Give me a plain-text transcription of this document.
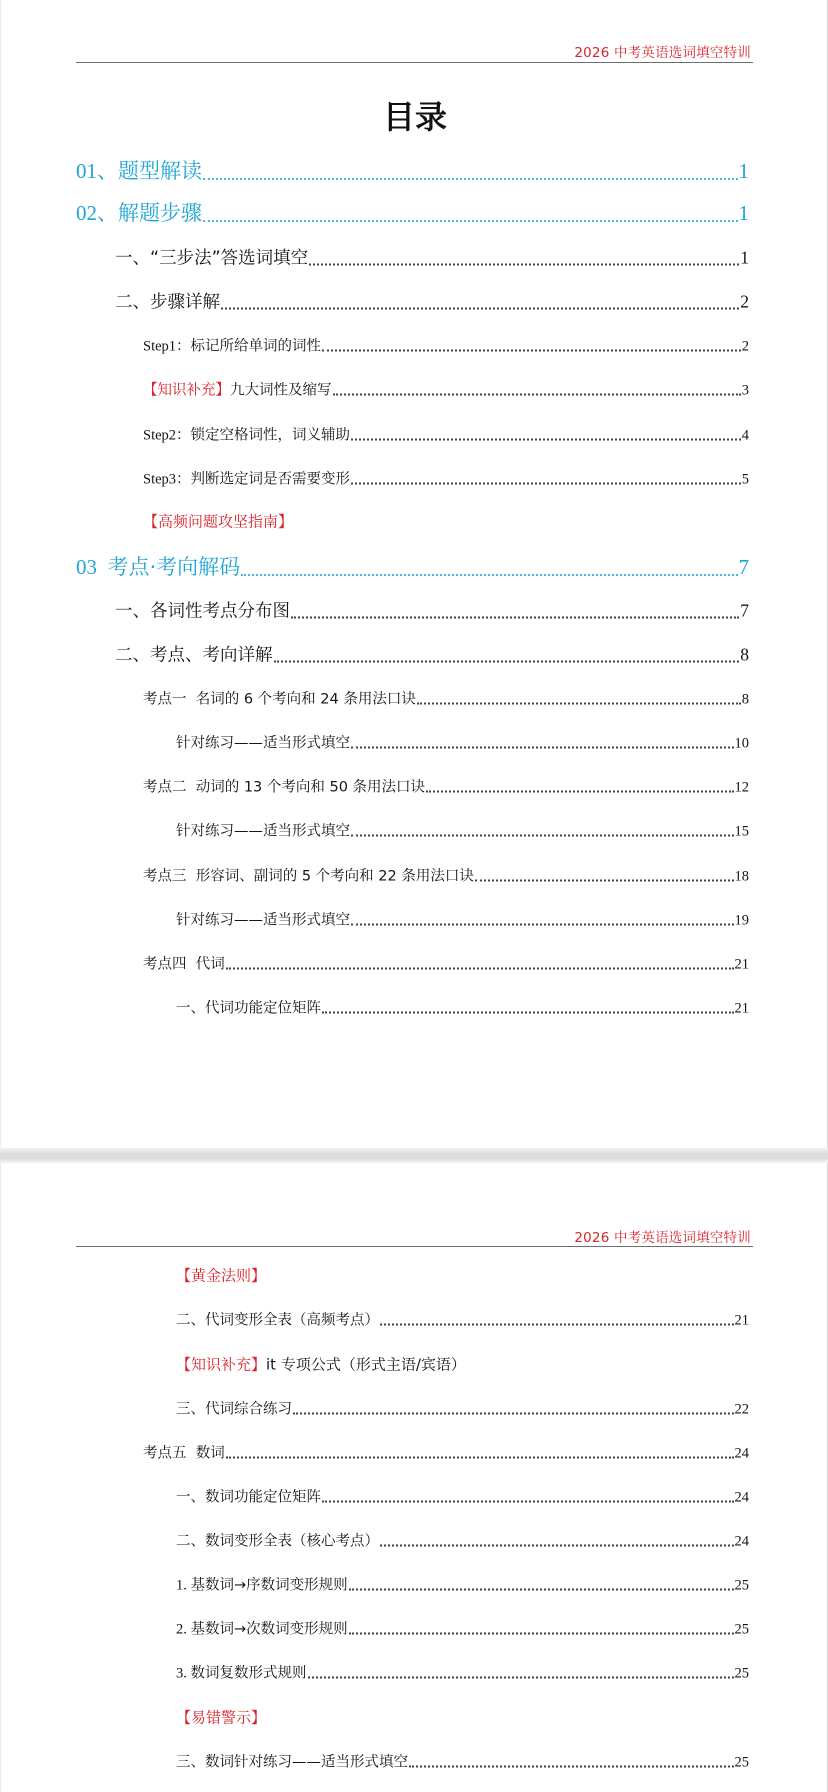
2026 中考英语选词填空特训
目录
01、题型解读	1
02、解题步骤	1
一、“三步法”答选词填空	1
二、步骤详解	2
Step1：标记所给单词的词性	2
【知识补充】九大词性及缩写	3
Step2：锁定空格词性，词义辅助	4
Step3：判断选定词是否需要变形	5
【高频问题攻坚指南】
03  考点·考向解码	7
一、各词性考点分布图	7
二、考点、考向详解	8
考点一  名词的 6 个考向和 24 条用法口诀	8
针对练习——适当形式填空	10
考点二  动词的 13 个考向和 50 条用法口诀	12
针对练习——适当形式填空	15
考点三  形容词、副词的 5 个考向和 22 条用法口诀	18
针对练习——适当形式填空	19
考点四  代词	21
一、代词功能定位矩阵	21
2026 中考英语选词填空特训
【黄金法则】
二、代词变形全表（高频考点）	21
【知识补充】it 专项公式（形式主语/宾语）
三、代词综合练习	22
考点五  数词	24
一、数词功能定位矩阵	24
二、数词变形全表（核心考点）	24
1. 基数词→序数词变形规则	25
2. 基数词→次数词变形规则	25
3. 数词复数形式规则	25
【易错警示】
三、数词针对练习——适当形式填空	25
